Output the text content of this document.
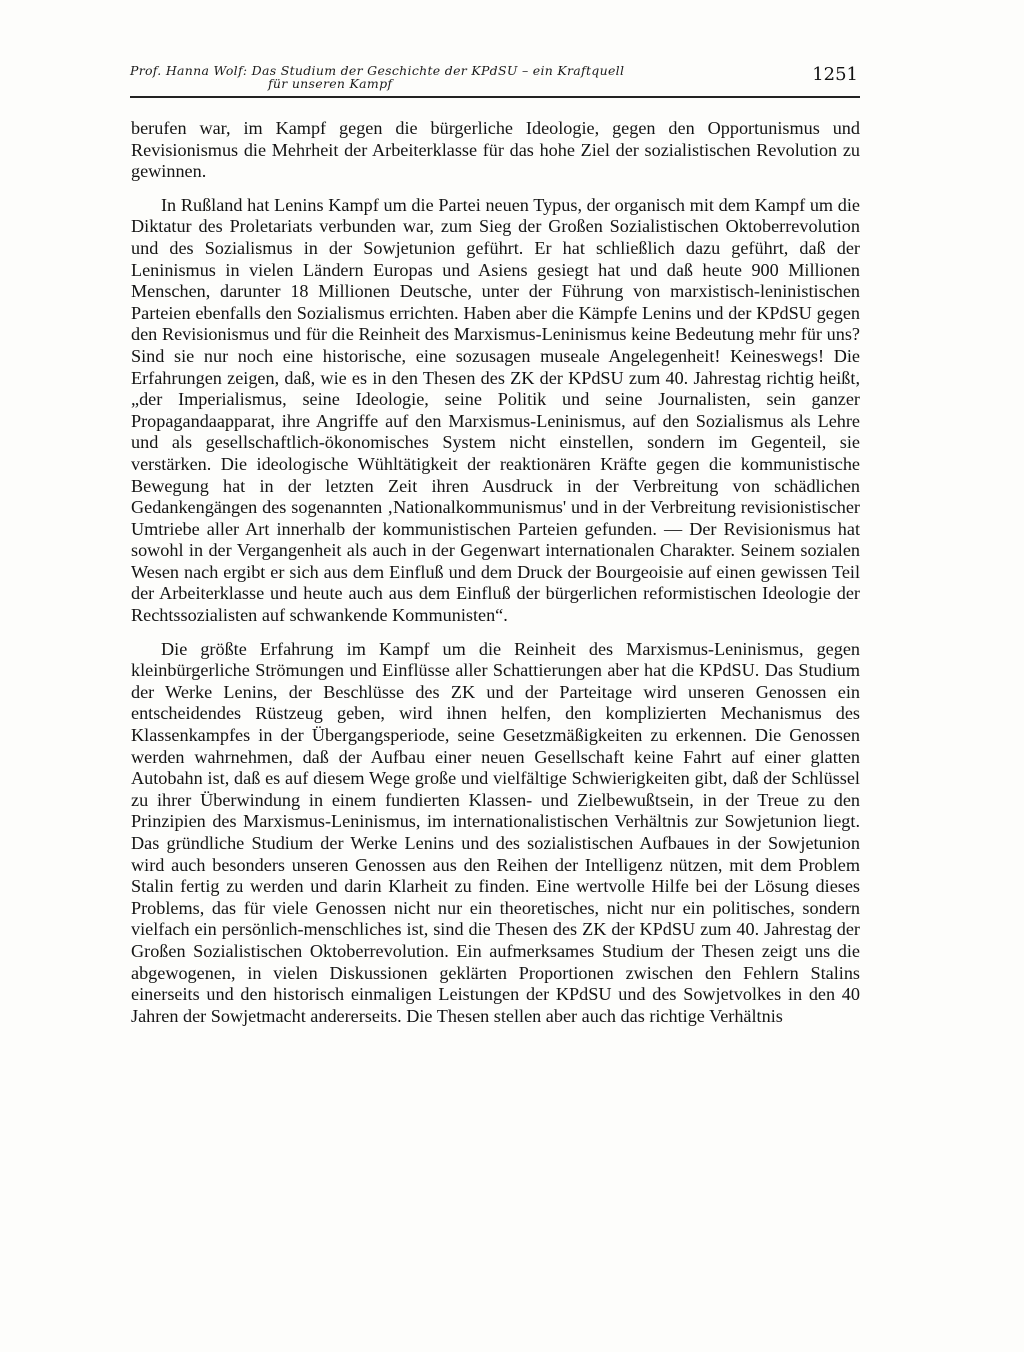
Prof. Hanna Wolf: Das Studium der Geschichte der KPdSU – ein Kraftquell
für unseren Kampf	1251

berufen war, im Kampf gegen die bürgerliche Ideologie, gegen den Opportunismus und Revisionismus die Mehrheit der Arbeiterklasse für das hohe Ziel der sozialistischen Revolution zu gewinnen.

In Rußland hat Lenins Kampf um die Partei neuen Typus, der organisch mit dem Kampf um die Diktatur des Proletariats verbunden war, zum Sieg der Großen Sozialistischen Oktoberrevolution und des Sozialismus in der Sowjetunion geführt. Er hat schließlich dazu geführt, daß der Leninismus in vielen Ländern Europas und Asiens gesiegt hat und daß heute 900 Millionen Menschen, darunter 18 Millionen Deutsche, unter der Führung von marxistisch-leninistischen Parteien ebenfalls den Sozialismus errichten. Haben aber die Kämpfe Lenins und der KPdSU gegen den Revisionismus und für die Reinheit des Marxismus-Leninismus keine Bedeutung mehr für uns? Sind sie nur noch eine historische, eine sozusagen museale Angelegenheit! Keineswegs! Die Erfahrungen zeigen, daß, wie es in den Thesen des ZK der KPdSU zum 40. Jahrestag richtig heißt, „der Imperialismus, seine Ideologie, seine Politik und seine Journalisten, sein ganzer Propagandaapparat, ihre Angriffe auf den Marxismus-Leninismus, auf den Sozialismus als Lehre und als gesellschaftlich-ökonomisches System nicht einstellen, sondern im Gegenteil, sie verstärken. Die ideologische Wühltätigkeit der reaktionären Kräfte gegen die kommunistische Bewegung hat in der letzten Zeit ihren Ausdruck in der Verbreitung von schädlichen Gedankengängen des sogenannten ‚Nationalkommunismus' und in der Verbreitung revisionistischer Umtriebe aller Art innerhalb der kommunistischen Parteien gefunden. — Der Revisionismus hat sowohl in der Vergangenheit als auch in der Gegenwart internationalen Charakter. Seinem sozialen Wesen nach ergibt er sich aus dem Einfluß und dem Druck der Bourgeoisie auf einen gewissen Teil der Arbeiterklasse und heute auch aus dem Einfluß der bürgerlichen reformistischen Ideologie der Rechtssozialisten auf schwankende Kommunisten“.

Die größte Erfahrung im Kampf um die Reinheit des Marxismus-Leninismus, gegen kleinbürgerliche Strömungen und Einflüsse aller Schattierungen aber hat die KPdSU. Das Studium der Werke Lenins, der Beschlüsse des ZK und der Parteitage wird unseren Genossen ein entscheidendes Rüstzeug geben, wird ihnen helfen, den komplizierten Mechanismus des Klassenkampfes in der Übergangsperiode, seine Gesetzmäßigkeiten zu erkennen. Die Genossen werden wahrnehmen, daß der Aufbau einer neuen Gesellschaft keine Fahrt auf einer glatten Autobahn ist, daß es auf diesem Wege große und vielfältige Schwierigkeiten gibt, daß der Schlüssel zu ihrer Überwindung in einem fundierten Klassen- und Zielbewußtsein, in der Treue zu den Prinzipien des Marxismus-Leninismus, im internationalistischen Verhältnis zur Sowjetunion liegt. Das gründliche Studium der Werke Lenins und des sozialistischen Aufbaues in der Sowjetunion wird auch besonders unseren Genossen aus den Reihen der Intelligenz nützen, mit dem Problem Stalin fertig zu werden und darin Klarheit zu finden. Eine wertvolle Hilfe bei der Lösung dieses Problems, das für viele Genossen nicht nur ein theoretisches, nicht nur ein politisches, sondern vielfach ein persönlich-menschliches ist, sind die Thesen des ZK der KPdSU zum 40. Jahrestag der Großen Sozialistischen Oktoberrevolution. Ein aufmerksames Studium der Thesen zeigt uns die abgewogenen, in vielen Diskussionen geklärten Proportionen zwischen den Fehlern Stalins einerseits und den historisch einmaligen Leistungen der KPdSU und des Sowjetvolkes in den 40 Jahren der Sowjetmacht andererseits. Die Thesen stellen aber auch das richtige Verhältnis
